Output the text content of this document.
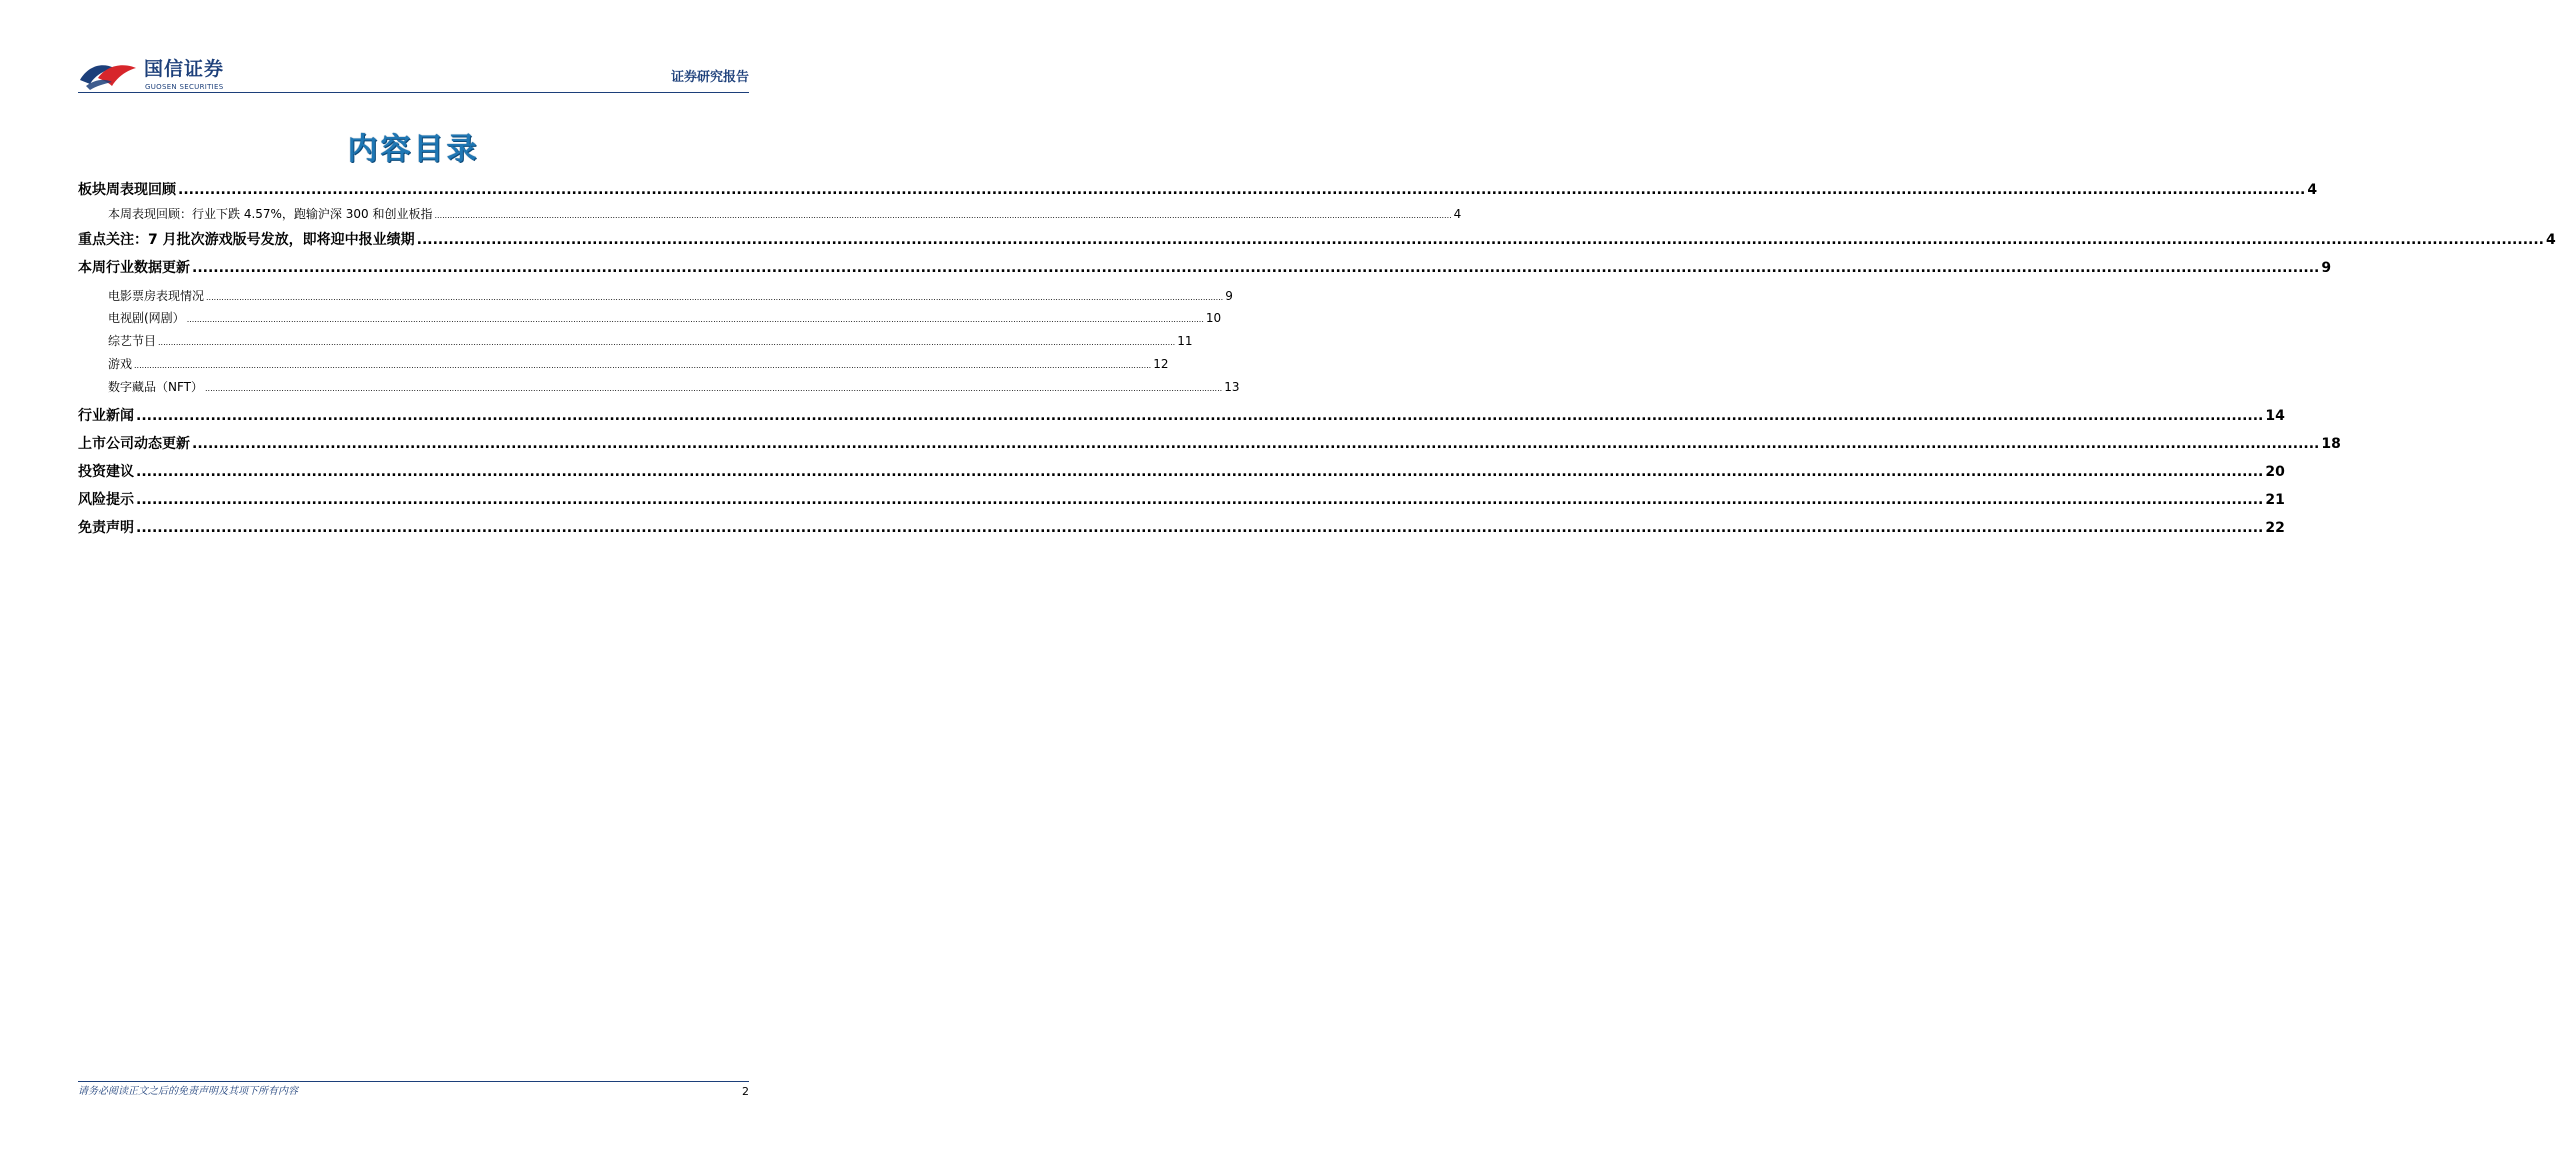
国信证券
GUOSEN SECURITIES
证券研究报告
内容目录
板块周表现回顾 ................................................................................................................................................................................................................................................................................................................................................................................................................ 4
本周表现回顾：行业下跌 4.57%，跑输沪深 300 和创业板指 ................................................................................................................................................................................................................................................................................................................................................................................................................ 4
重点关注：7 月批次游戏版号发放，即将迎中报业绩期 ................................................................................................................................................................................................................................................................................................................................................................................................................ 4
本周行业数据更新 ................................................................................................................................................................................................................................................................................................................................................................................................................ 9
电影票房表现情况 ................................................................................................................................................................................................................................................................................................................................................................................................................ 9
电视剧(网剧） ................................................................................................................................................................................................................................................................................................................................................................................................................ 10
综艺节目 ................................................................................................................................................................................................................................................................................................................................................................................................................ 11
游戏 ................................................................................................................................................................................................................................................................................................................................................................................................................ 12
数字藏品（NFT） ................................................................................................................................................................................................................................................................................................................................................................................................................ 13
行业新闻 ................................................................................................................................................................................................................................................................................................................................................................................................................ 14
上市公司动态更新 ................................................................................................................................................................................................................................................................................................................................................................................................................ 18
投资建议 ................................................................................................................................................................................................................................................................................................................................................................................................................ 20
风险提示 ................................................................................................................................................................................................................................................................................................................................................................................................................ 21
免责声明 ................................................................................................................................................................................................................................................................................................................................................................................................................ 22
请务必阅读正文之后的免责声明及其项下所有内容	2
